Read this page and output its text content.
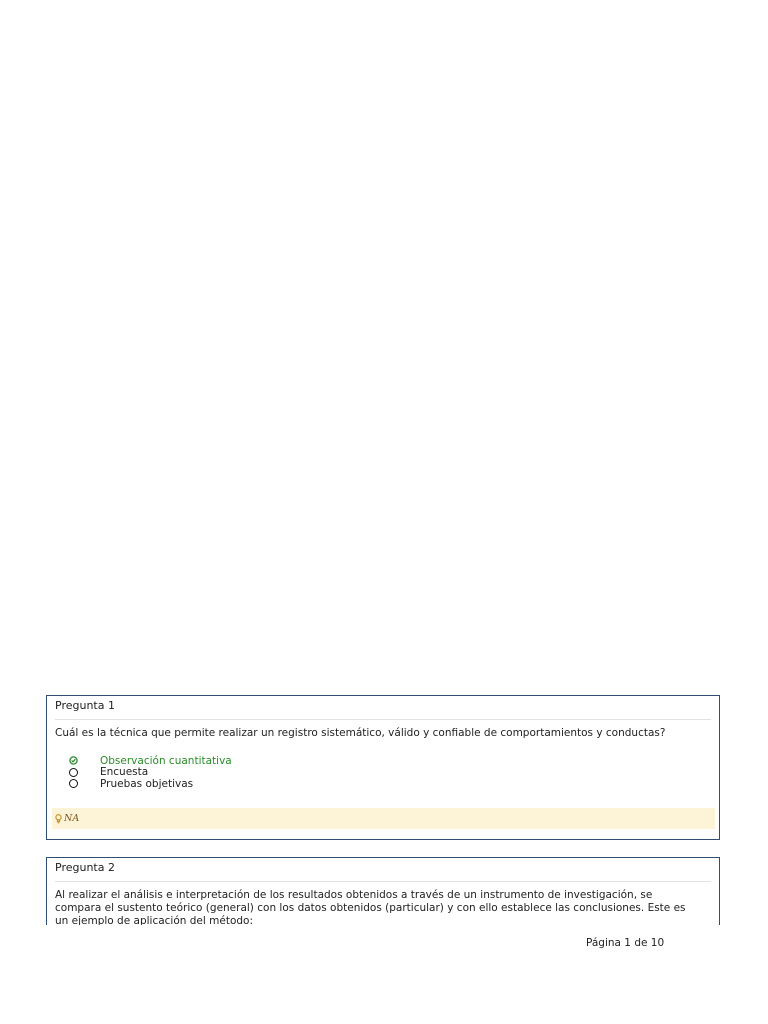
Pregunta 1
Cuál es la técnica que permite realizar un registro sistemático, válido y confiable de comportamientos y conductas?
Observación cuantitativa
Encuesta
Pruebas objetivas
NA
Pregunta 2
Al realizar el análisis e interpretación de los resultados obtenidos a través de un instrumento de investigación, se compara el sustento teórico (general) con los datos obtenidos (particular) y con ello establece las conclusiones. Este es un ejemplo de aplicación del método:
Página 1 de 10
